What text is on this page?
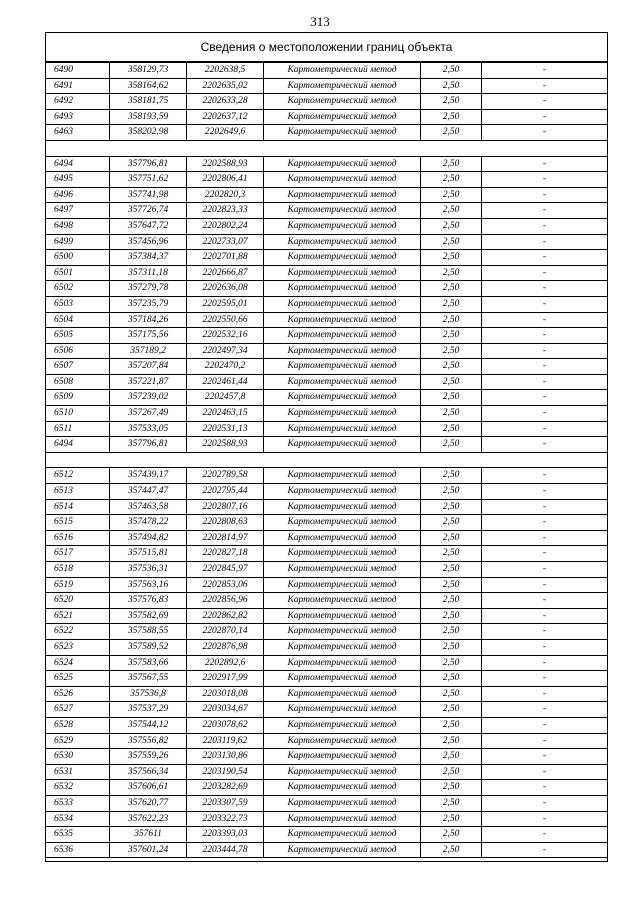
313
Сведения о местоположении границ объекта
6490	358129,73	2202638,5	Картометрический метод	2,50	-
6491	358164,62	2202635,02	Картометрический метод	2,50	-
6492	358181,75	2202633,28	Картометрический метод	2,50	-
6493	358193,59	2202637,12	Картометрический метод	2,50	-
6463	358202,98	2202649,6	Картометрический метод	2,50	-

6494	357796,81	2202588,93	Картометрический метод	2,50	-
6495	357751,62	2202806,41	Картометрический метод	2,50	-
6496	357741,98	2202820,3	Картометрический метод	2,50	-
6497	357726,74	2202823,33	Картометрический метод	2,50	-
6498	357647,72	2202802,24	Картометрический метод	2,50	-
6499	357456,96	2202733,07	Картометрический метод	2,50	-
6500	357384,37	2202701,88	Картометрический метод	2,50	-
6501	357311,18	2202666,87	Картометрический метод	2,50	-
6502	357279,78	2202636,08	Картометрический метод	2,50	-
6503	357235,79	2202595,01	Картометрический метод	2,50	-
6504	357184,26	2202550,66	Картометрический метод	2,50	-
6505	357175,56	2202532,16	Картометрический метод	2,50	-
6506	357189,2	2202497,34	Картометрический метод	2,50	-
6507	357207,84	2202470,2	Картометрический метод	2,50	-
6508	357221,87	2202461,44	Картометрический метод	2,50	-
6509	357239,02	2202457,8	Картометрический метод	2,50	-
6510	357267,49	2202463,15	Картометрический метод	2,50	-
6511	357533,05	2202531,13	Картометрический метод	2,50	-
6494	357796,81	2202588,93	Картометрический метод	2,50	-

6512	357439,17	2202789,58	Картометрический метод	2,50	-
6513	357447,47	2202795,44	Картометрический метод	2,50	-
6514	357463,58	2202807,16	Картометрический метод	2,50	-
6515	357478,22	2202808,63	Картометрический метод	2,50	-
6516	357494,82	2202814,97	Картометрический метод	2,50	-
6517	357515,81	2202827,18	Картометрический метод	2,50	-
6518	357536,31	2202845,97	Картометрический метод	2,50	-
6519	357563,16	2202853,06	Картометрический метод	2,50	-
6520	357576,83	2202856,96	Картометрический метод	2,50	-
6521	357582,69	2202862,82	Картометрический метод	2,50	-
6522	357588,55	2202870,14	Картометрический метод	2,50	-
6523	357589,52	2202876,98	Картометрический метод	2,50	-
6524	357583,66	2202892,6	Картометрический метод	2,50	-
6525	357567,55	2202917,99	Картометрический метод	2,50	-
6526	357536,8	2203018,08	Картометрический метод	2,50	-
6527	357537,29	2203034,67	Картометрический метод	2,50	-
6528	357544,12	2203078,62	Картометрический метод	2,50	-
6529	357556,82	2203119,62	Картометрический метод	2,50	-
6530	357559,26	2203130,86	Картометрический метод	2,50	-
6531	357566,34	2203190,54	Картометрический метод	2,50	-
6532	357606,61	2203282,69	Картометрический метод	2,50	-
6533	357620,77	2203307,59	Картометрический метод	2,50	-
6534	357622,23	2203322,73	Картометрический метод	2,50	-
6535	357611	2203393,03	Картометрический метод	2,50	-
6536	357601,24	2203444,78	Картометрический метод	2,50	-
